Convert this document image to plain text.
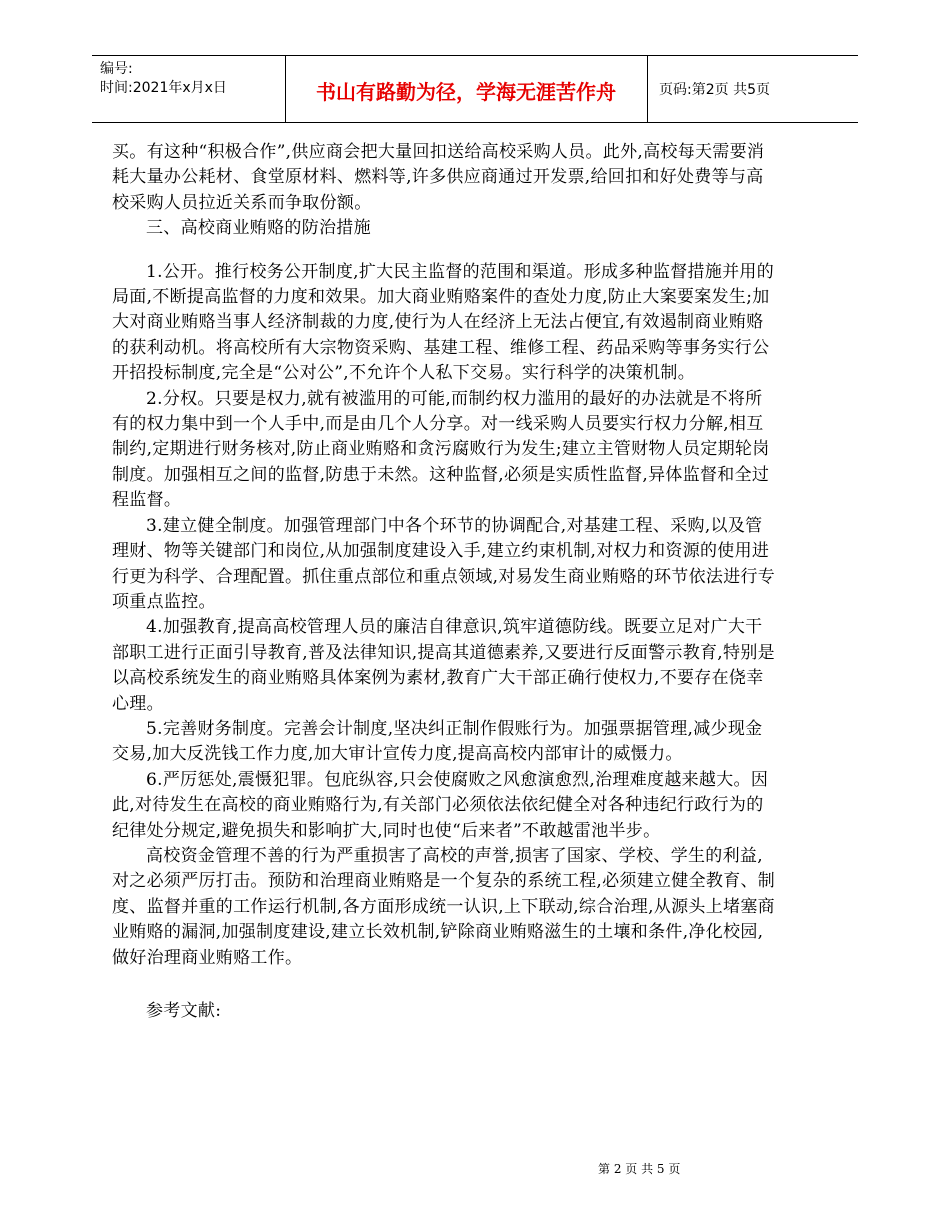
编号:
时间:2021年x月x日	书山有路勤为径，学海无涯苦作舟	页码:第2页 共5页

买。有这种“积极合作”,供应商会把大量回扣送给高校采购人员。此外,高校每天需要消耗大量办公耗材、食堂原材料、燃料等,许多供应商通过开发票,给回扣和好处费等与高校采购人员拉近关系而争取份额。

三、高校商业贿赂的防治措施

1.公开。推行校务公开制度,扩大民主监督的范围和渠道。形成多种监督措施并用的局面,不断提高监督的力度和效果。加大商业贿赂案件的查处力度,防止大案要案发生;加大对商业贿赂当事人经济制裁的力度,使行为人在经济上无法占便宜,有效遏制商业贿赂的获利动机。将高校所有大宗物资采购、基建工程、维修工程、药品采购等事务实行公开招投标制度,完全是“公对公”,不允许个人私下交易。实行科学的决策机制。

2.分权。只要是权力,就有被滥用的可能,而制约权力滥用的最好的办法就是不将所有的权力集中到一个人手中,而是由几个人分享。对一线采购人员要实行权力分解,相互制约,定期进行财务核对,防止商业贿赂和贪污腐败行为发生;建立主管财物人员定期轮岗制度。加强相互之间的监督,防患于未然。这种监督,必须是实质性监督,异体监督和全过程监督。

3.建立健全制度。加强管理部门中各个环节的协调配合,对基建工程、采购,以及管理财、物等关键部门和岗位,从加强制度建设入手,建立约束机制,对权力和资源的使用进行更为科学、合理配置。抓住重点部位和重点领域,对易发生商业贿赂的环节依法进行专项重点监控。

4.加强教育,提高高校管理人员的廉洁自律意识,筑牢道德防线。既要立足对广大干部职工进行正面引导教育,普及法律知识,提高其道德素养,又要进行反面警示教育,特别是以高校系统发生的商业贿赂具体案例为素材,教育广大干部正确行使权力,不要存在侥幸心理。

5.完善财务制度。完善会计制度,坚决纠正制作假账行为。加强票据管理,减少现金交易,加大反洗钱工作力度,加大审计宣传力度,提高高校内部审计的威慑力。

6.严厉惩处,震慑犯罪。包庇纵容,只会使腐败之风愈演愈烈,治理难度越来越大。因此,对待发生在高校的商业贿赂行为,有关部门必须依法依纪健全对各种违纪行政行为的纪律处分规定,避免损失和影响扩大,同时也使“后来者”不敢越雷池半步。

高校资金管理不善的行为严重损害了高校的声誉,损害了国家、学校、学生的利益,对之必须严厉打击。预防和治理商业贿赂是一个复杂的系统工程,必须建立健全教育、制度、监督并重的工作运行机制,各方面形成统一认识,上下联动,综合治理,从源头上堵塞商业贿赂的漏洞,加强制度建设,建立长效机制,铲除商业贿赂滋生的土壤和条件,净化校园,做好治理商业贿赂工作。

参考文献:

第 2 页 共 5 页
